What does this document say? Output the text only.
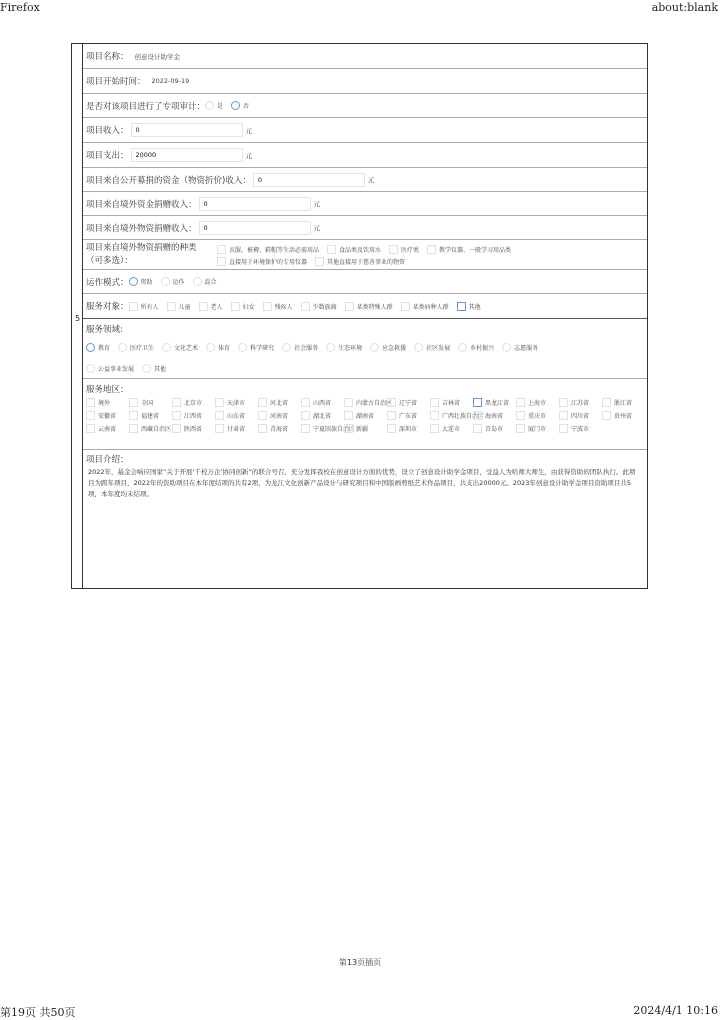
Firefox	about:blank
5
项目名称： 创意设计助学金
项目开始时间： 2022-09-19
是否对该项目进行了专项审计： 是	否
项目收入：	0	元
项目支出：	20000	元
项目来自公开募捐的资金（物资折价)收入：	0	元
项目来自境外资金捐赠收入：	0	元
项目来自境外物资捐赠收入：	0	元
项目来自境外物资捐赠的种类
（可多选）：
衣服、被褥、鞋帽等生活必需用品	食品类及饮用水	医疗类	教学仪器、一般学习用品类
直接用于环境保护的专用仪器	其他直接用于慈善事业的物资
运作模式： 资助	运作	混合
服务对象： 所有人	儿童	老人	妇女	残疾人	少数族裔	某类特殊人群	某类病种人群	其他
服务领域:
教育	医疗卫生	文化艺术	体育	科学研究	社会服务	生态环境	应急救援	社区发展	乡村振兴	志愿服务
公益事业发展	其他
服务地区：
境外	全国	北京市	天津市	河北省	山西省	内蒙古自治区 辽宁省	吉林省	黑龙江省	上海市	江苏省	浙江省
安徽省	福建省	江西省	山东省	河南省	湖北省	湖南省	广东省	广西壮族自治区 海南省	重庆市	四川省	贵州省
云南省	西藏自治区 陕西省	甘肃省	青海省	宁夏回族自治区 新疆	深圳市	大连市	青岛市	厦门市	宁波市
项目介绍：
2022年，基金会响应国家“关于开展‘千校万企’协同创新”的联合号召，充分发挥我校在创意设计方面的优势，设立了创意设计助学金项目，受益人为哈师大师生，由获得资助的团队执行。此项目为跨年项目，2022年的资助项目在本年度结项的共有2项，为龙江文化创新产品设计与研究项目和中国版画剪纸艺术作品项目，共支出20000元。2023年创意设计助学金项目资助项目共5项，本年度均未结项。
第13页插页
第19页 共50页	2024/4/1 10:16
